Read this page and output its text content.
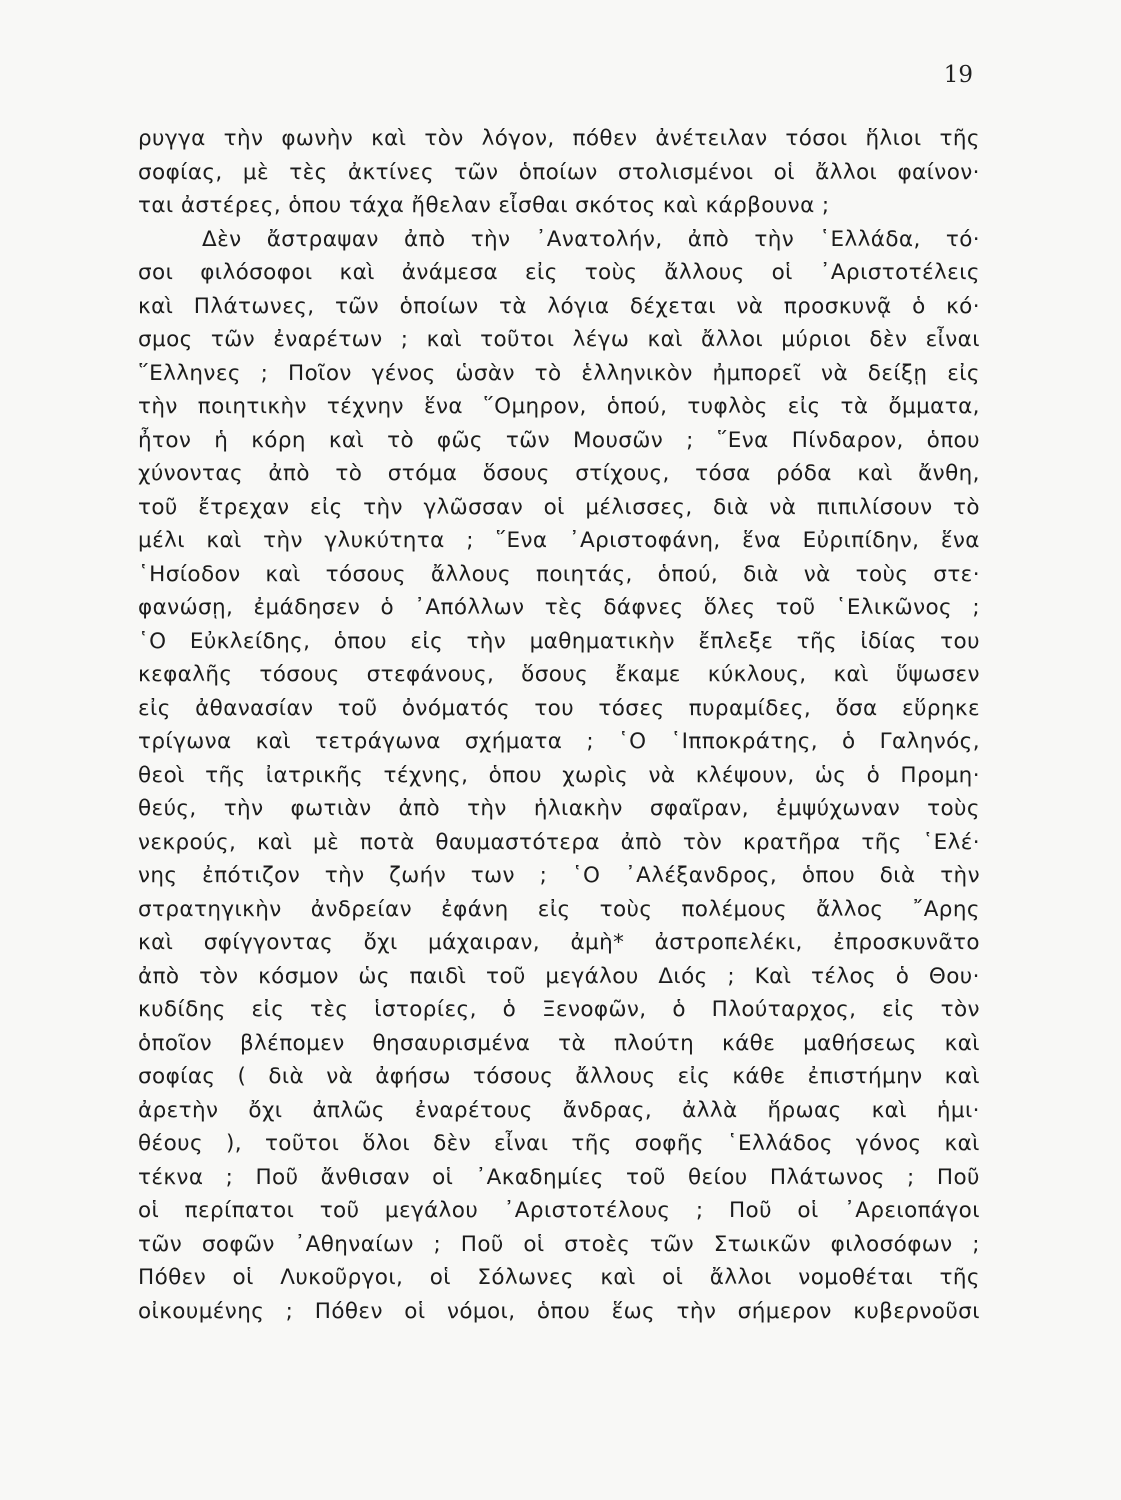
19
ρυγγα τὴν φωνὴν καὶ τὸν λόγον, πόθεν ἀνέτειλαν τόσοι ἥλιοι τῆς
σοφίας, μὲ τὲς ἀκτίνες τῶν ὁποίων στολισμένοι οἱ ἄλλοι φαίνον·
ται ἀστέρες, ὁπου τάχα ἤθελαν εἶσθαι σκότος καὶ κάρβουνα ;
Δὲν ἄστραψαν ἀπὸ τὴν ᾿Ανατολήν, ἀπὸ τὴν ῾Ελλάδα, τό·
σοι φιλόσοφοι καὶ ἀνάμεσα εἰς τοὺς ἄλλους οἱ ᾿Αριστοτέλεις
καὶ Πλάτωνες, τῶν ὁποίων τὰ λόγια δέχεται νὰ προσκυνᾷ ὁ κό·
σμος τῶν ἐναρέτων ; καὶ τοῦτοι λέγω καὶ ἄλλοι μύριοι δὲν εἶναι
῞Ελληνες ; Ποῖον γένος ὡσὰν τὸ ἑλληνικὸν ἠμπορεῖ νὰ δείξῃ εἰς
τὴν ποιητικὴν τέχνην ἕνα ῞Ομηρον, ὁπού, τυφλὸς εἰς τὰ ὄμματα,
ἦτον ἡ κόρη καὶ τὸ φῶς τῶν Μουσῶν ; ῞Ενα Πίνδαρον, ὁπου
χύνοντας ἀπὸ τὸ στόμα ὅσους στίχους, τόσα ρόδα καὶ ἄνθη,
τοῦ ἔτρεχαν εἰς τὴν γλῶσσαν οἱ μέλισσες, διὰ νὰ πιπιλίσουν τὸ
μέλι καὶ τὴν γλυκύτητα ; ῞Ενα ᾿Αριστοφάνη, ἕνα Εὐριπίδην, ἕνα
῾Ησίοδον καὶ τόσους ἄλλους ποιητάς, ὁπού, διὰ νὰ τοὺς στε·
φανώσῃ, ἐμάδησεν ὁ ᾿Απόλλων τὲς δάφνες ὅλες τοῦ ῾Ελικῶνος ;
῾Ο Εὐκλείδης, ὁπου εἰς τὴν μαθηματικὴν ἔπλεξε τῆς ἰδίας του
κεφαλῆς τόσους στεφάνους, ὅσους ἔκαμε κύκλους, καὶ ὕψωσεν
εἰς ἀθανασίαν τοῦ ὀνόματός του τόσες πυραμίδες, ὅσα εὕρηκε
τρίγωνα καὶ τετράγωνα σχήματα ; ῾Ο ῾Ιπποκράτης, ὁ Γαληνός,
θεοὶ τῆς ἰατρικῆς τέχνης, ὁπου χωρὶς νὰ κλέψουν, ὡς ὁ Προμη·
θεύς, τὴν φωτιὰν ἀπὸ τὴν ἡλιακὴν σφαῖραν, ἐμψύχωναν τοὺς
νεκρούς, καὶ μὲ ποτὰ θαυμαστότερα ἀπὸ τὸν κρατῆρα τῆς ῾Ελέ·
νης ἐπότιζον τὴν ζωήν των ; ῾Ο ᾿Αλέξανδρος, ὁπου διὰ τὴν
στρατηγικὴν ἀνδρείαν ἐφάνη εἰς τοὺς πολέμους ἄλλος ῎Αρης
καὶ σφίγγοντας ὄχι μάχαιραν, ἀμὴ* ἀστροπελέκι, ἐπροσκυνᾶτο
ἀπὸ τὸν κόσμον ὡς παιδὶ τοῦ μεγάλου Διός ; Καὶ τέλος ὁ Θου·
κυδίδης εἰς τὲς ἱστορίες, ὁ Ξενοφῶν, ὁ Πλούταρχος, εἰς τὸν
ὁποῖον βλέπομεν θησαυρισμένα τὰ πλούτη κάθε μαθήσεως καὶ
σοφίας ( διὰ νὰ ἀφήσω τόσους ἄλλους εἰς κάθε ἐπιστήμην καὶ
ἀρετὴν ὄχι ἀπλῶς ἐναρέτους ἄνδρας, ἀλλὰ ἥρωας καὶ ἡμι·
θέους ), τοῦτοι ὅλοι δὲν εἶναι τῆς σοφῆς ῾Ελλάδος γόνος καὶ
τέκνα ; Ποῦ ἄνθισαν οἱ ᾿Ακαδημίες τοῦ θείου Πλάτωνος ; Ποῦ
οἱ περίπατοι τοῦ μεγάλου ᾿Αριστοτέλους ; Ποῦ οἱ ᾿Αρειοπάγοι
τῶν σοφῶν ᾿Αθηναίων ; Ποῦ οἱ στοὲς τῶν Στωικῶν φιλοσόφων ;
Πόθεν οἱ Λυκοῦργοι, οἱ Σόλωνες καὶ οἱ ἄλλοι νομοθέται τῆς
οἰκουμένης ; Πόθεν οἱ νόμοι, ὁπου ἕως τὴν σήμερον κυβερνοῦσι
